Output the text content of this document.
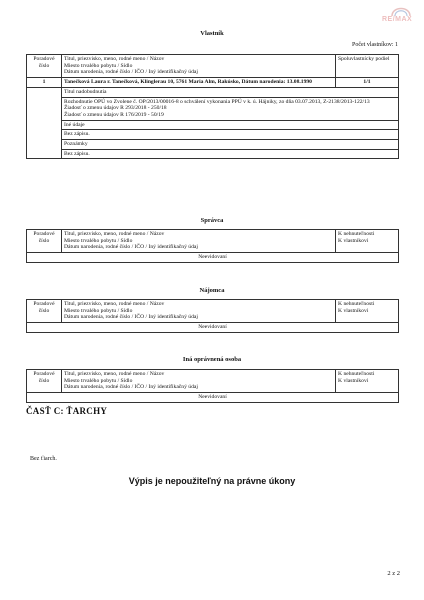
RE/MAX
Vlastník
Počet vlastníkov: 1
Poradové číslo	Titul, priezvisko, meno, rodné meno / Názov
Miesto trvalého pobytu / Sídlo
Dátum narodenia, rodné číslo / IČO / Iný identifikačný údaj	Spoluvlastnícky podiel
1	Tanečková Laura r. Tanečková, Klinglerau 10, 5761 Maria Alm, Rakúsko, Dátum narodenia: 13.08.1990	1/1
	Titul nadobudnutia	
	Rozhodnutie OPÚ vo Zvolene č. OP/2013/00016-8 o schválení vykonania PPÚ v k. ú. Hájniky, zo dňa 03.07.2013, Z-2138/2013-122/13
Žiadosť o zmenu údajov R 293/2018 - 250/18
Žiadosť o zmenu údajov R 176/2019 - 50/19	
	Iné údaje	
	Bez zápisu.	
	Poznámky	
	Bez zápisu.	
Správca
Poradové číslo	Titul, priezvisko, meno, rodné meno / Názov
Miesto trvalého pobytu / Sídlo
Dátum narodenia, rodné číslo / IČO / Iný identifikačný údaj	K nehnuteľnosti
K vlastníkovi
Neevidovaní
Nájomca
Poradové číslo	Titul, priezvisko, meno, rodné meno / Názov
Miesto trvalého pobytu / Sídlo
Dátum narodenia, rodné číslo / IČO / Iný identifikačný údaj	K nehnuteľnosti
K vlastníkovi
Neevidovaní
Iná oprávnená osoba
Poradové číslo	Titul, priezvisko, meno, rodné meno / Názov
Miesto trvalého pobytu / Sídlo
Dátum narodenia, rodné číslo / IČO / Iný identifikačný údaj	K nehnuteľnosti
K vlastníkovi
Neevidovaní
ČASŤ C: ŤARCHY
Bez ťiarch.
Výpis je nepoužiteľný na právne úkony
2 z 2
